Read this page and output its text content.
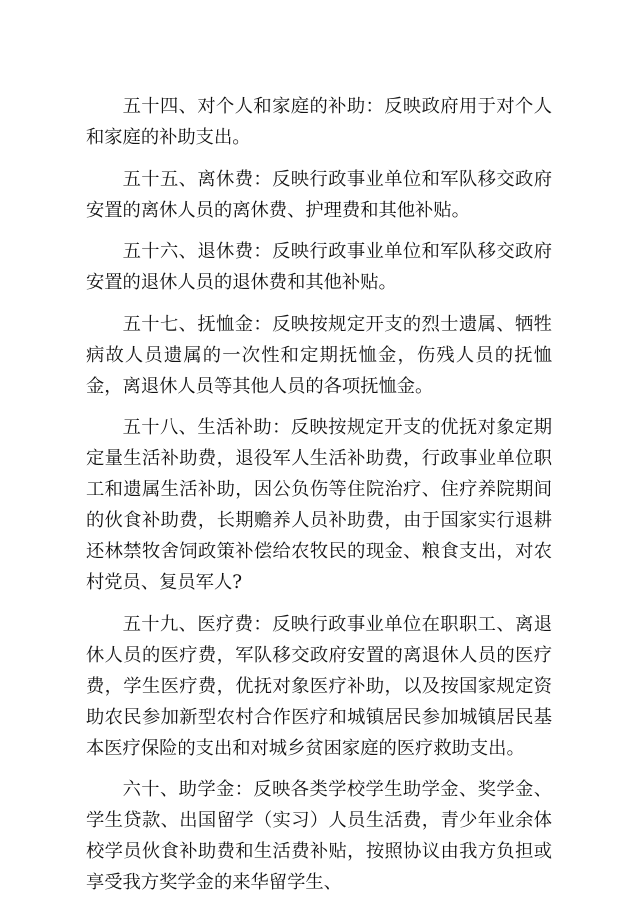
五十四、对个人和家庭的补助：反映政府用于对个人和家庭的补助支出。

五十五、离休费：反映行政事业单位和军队移交政府安置的离休人员的离休费、护理费和其他补贴。

五十六、退休费：反映行政事业单位和军队移交政府安置的退休人员的退休费和其他补贴。

五十七、抚恤金：反映按规定开支的烈士遗属、牺牲病故人员遗属的一次性和定期抚恤金，伤残人员的抚恤金，离退休人员等其他人员的各项抚恤金。

五十八、生活补助：反映按规定开支的优抚对象定期定量生活补助费，退役军人生活补助费，行政事业单位职工和遗属生活补助，因公负伤等住院治疗、住疗养院期间的伙食补助费，长期赡养人员补助费，由于国家实行退耕还林禁牧舍饲政策补偿给农牧民的现金、粮食支出，对农村党员、复员军人?

五十九、医疗费：反映行政事业单位在职职工、离退休人员的医疗费，军队移交政府安置的离退休人员的医疗费，学生医疗费，优抚对象医疗补助，以及按国家规定资助农民参加新型农村合作医疗和城镇居民参加城镇居民基本医疗保险的支出和对城乡贫困家庭的医疗救助支出。

六十、助学金：反映各类学校学生助学金、奖学金、学生贷款、出国留学（实习）人员生活费，青少年业余体校学员伙食补助费和生活费补贴，按照协议由我方负担或享受我方奖学金的来华留学生、
